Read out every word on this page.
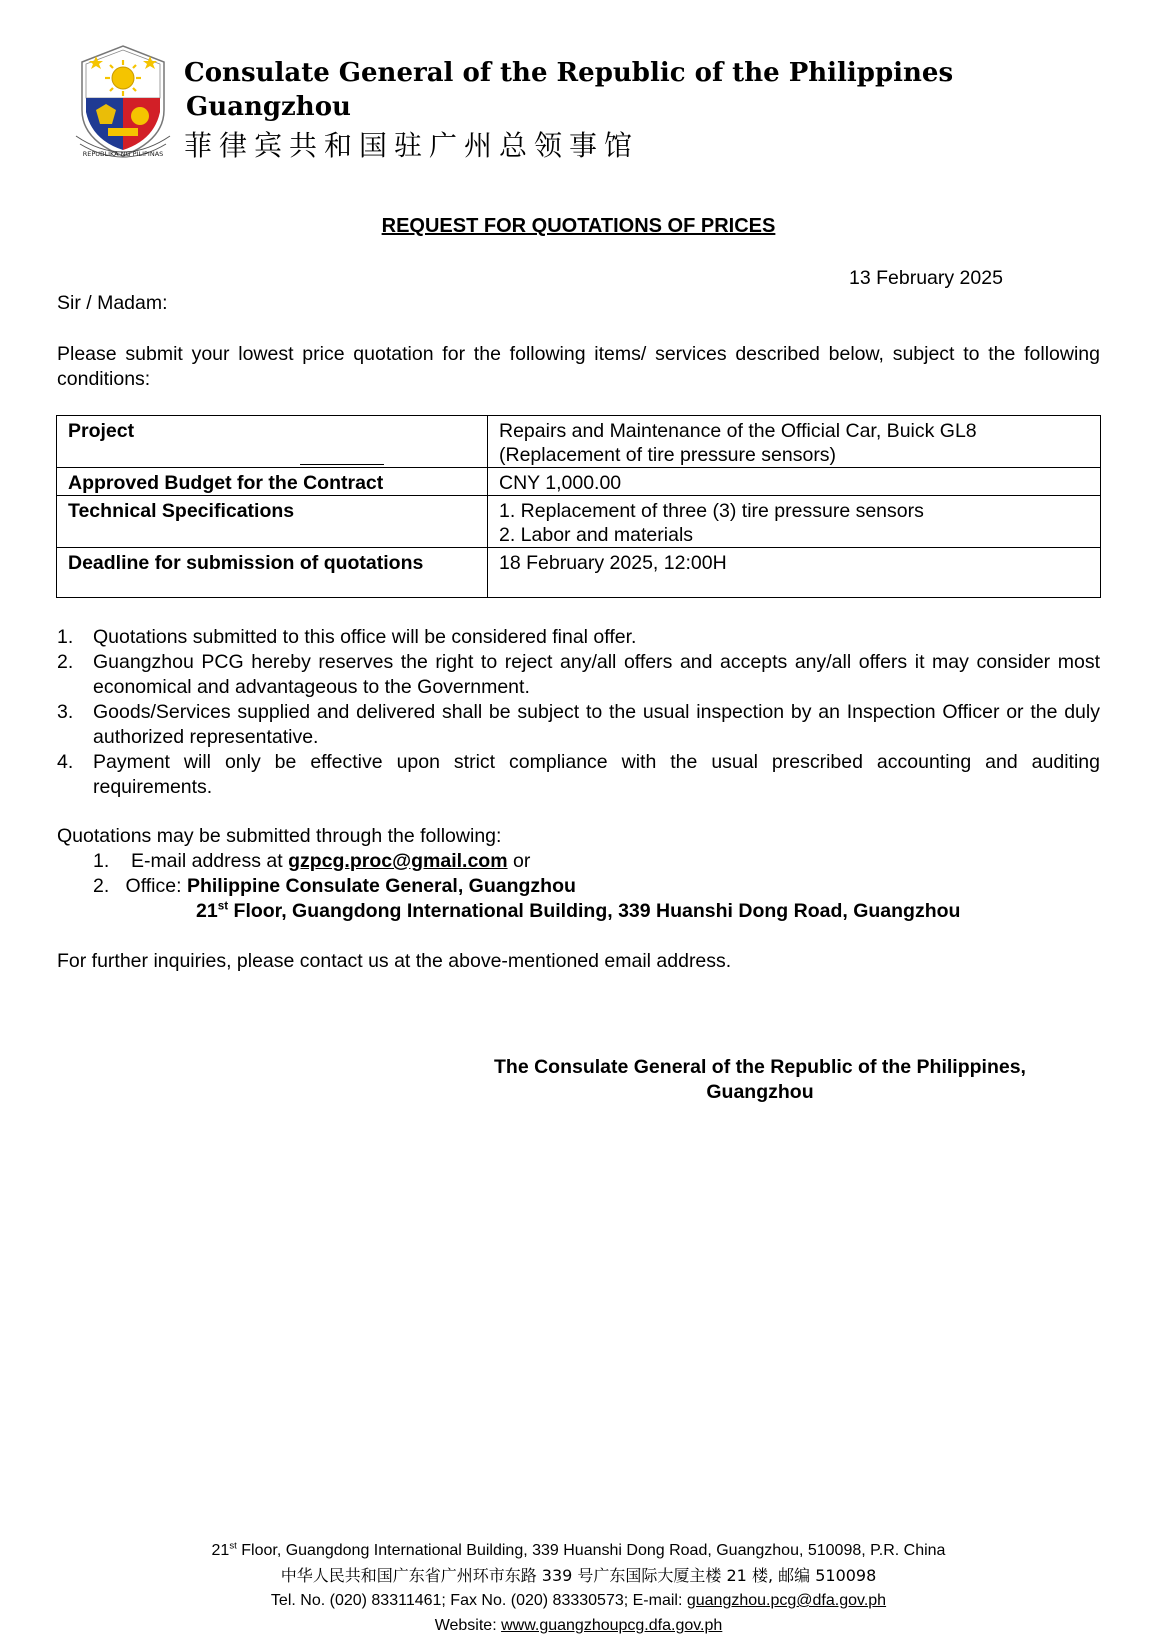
REPUBLIKA NG PILIPINAS
Consulate General of the Republic of the Philippines
Guangzhou
菲律宾共和国驻广州总领事馆
REQUEST FOR QUOTATIONS OF PRICES
13 February 2025
Sir / Madam:
Please submit your lowest price quotation for the following items/ services described below, subject to the following conditions:
Project	Repairs and Maintenance of the Official Car, Buick GL8
(Replacement of tire pressure sensors)

Approved Budget for the Contract	CNY 1,000.00

Technical Specifications	1. Replacement of three (3) tire pressure sensors
2. Labor and materials

Deadline for submission of quotations	18 February 2025, 12:00H
1. Quotations submitted to this office will be considered final offer.
2. Guangzhou PCG hereby reserves the right to reject any/all offers and accepts any/all offers it may consider most economical and advantageous to the Government.
3. Goods/Services supplied and delivered shall be subject to the usual inspection by an Inspection Officer or the duly authorized representative.
4. Payment will only be effective upon strict compliance with the usual prescribed accounting and auditing requirements.
Quotations may be submitted through the following:
1. E-mail address at gzpcg.proc@gmail.com or
2. Office: Philippine Consulate General, Guangzhou
21st Floor, Guangdong International Building, 339 Huanshi Dong Road, Guangzhou
For further inquiries, please contact us at the above-mentioned email address.
The Consulate General of the Republic of the Philippines,
Guangzhou
21st Floor, Guangdong International Building, 339 Huanshi Dong Road, Guangzhou, 510098, P.R. China
中华人民共和国广东省广州环市东路 339 号广东国际大厦主楼 21 楼, 邮编 510098
Tel. No. (020) 83311461; Fax No. (020) 83330573; E-mail: guangzhou.pcg@dfa.gov.ph
Website: www.guangzhoupcg.dfa.gov.ph
